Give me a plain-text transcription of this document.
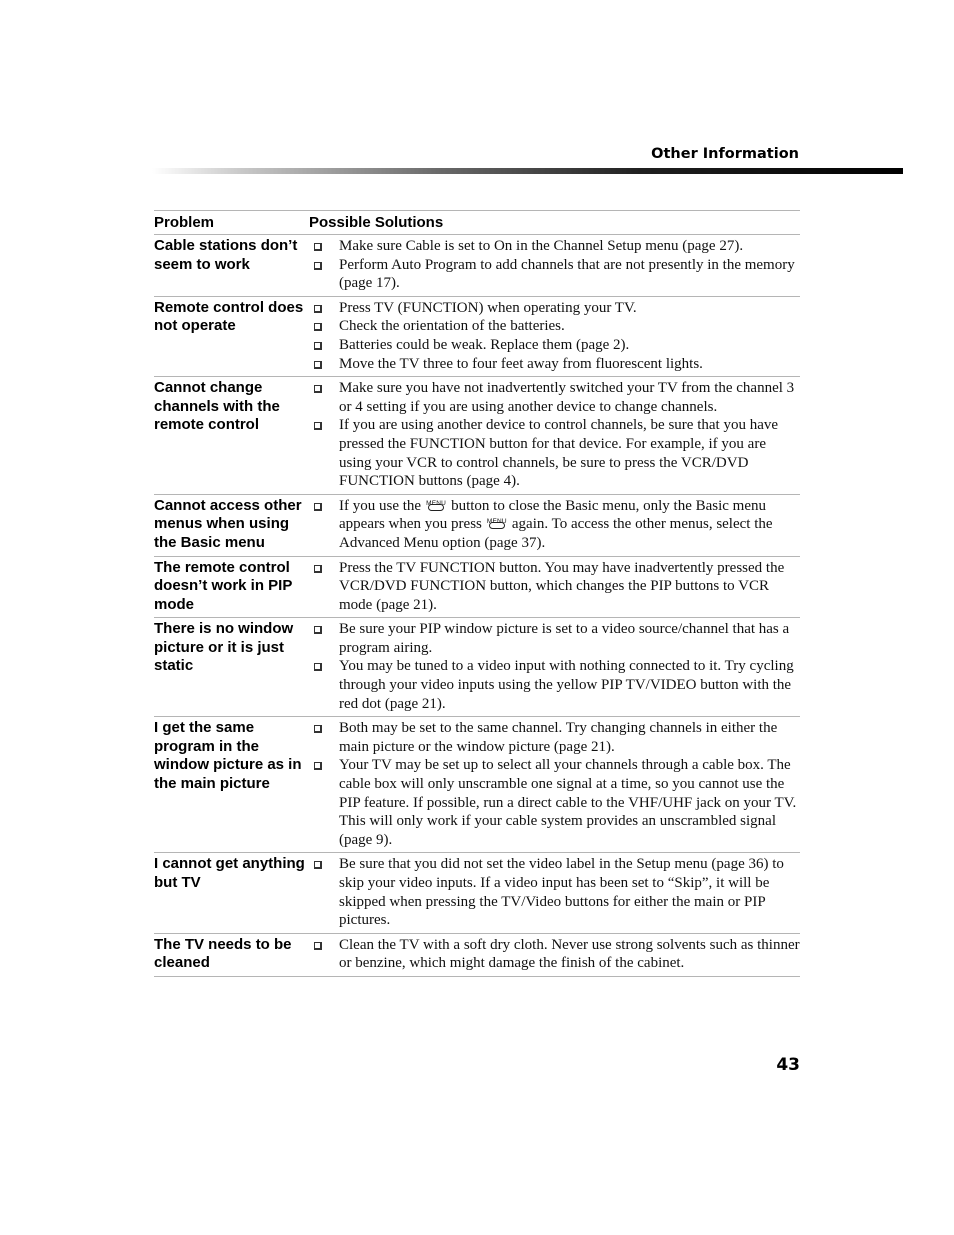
Other Information
Problem	Possible Solutions
Cable stations don’t seem to work
Make sure Cable is set to On in the Channel Setup menu (page 27).
Perform Auto Program to add channels that are not presently in the memory (page 17).
Remote control does not operate
Press TV (FUNCTION) when operating your TV.
Check the orientation of the batteries.
Batteries could be weak. Replace them (page 2).
Move the TV three to four feet away from fluorescent lights.
Cannot change channels with the remote control
Make sure you have not inadvertently switched your TV from the channel 3 or 4 setting if you are using another device to change channels.
If you are using another device to control channels, be sure that you have pressed the FUNCTION button for that device. For example, if you are using your VCR to control channels, be sure to press the VCR/DVD FUNCTION buttons (page 4).
Cannot access other menus when using the Basic menu
If you use the MENU button to close the Basic menu, only the Basic menu appears when you press MENU again. To access the other menus, select the Advanced Menu option (page 37).
The remote control doesn’t work in PIP mode
Press the TV FUNCTION button. You may have inadvertently pressed the VCR/DVD FUNCTION button, which changes the PIP buttons to VCR mode (page 21).
There is no window picture or it is just static
Be sure your PIP window picture is set to a video source/channel that has a program airing.
You may be tuned to a video input with nothing connected to it. Try cycling through your video inputs using the yellow PIP TV/VIDEO button with the red dot (page 21).
I get the same program in the window picture as in the main picture
Both may be set to the same channel. Try changing channels in either the main picture or the window picture (page 21).
Your TV may be set up to select all your channels through a cable box. The cable box will only unscramble one signal at a time, so you cannot use the PIP feature. If possible, run a direct cable to the VHF/UHF jack on your TV. This will only work if your cable system provides an unscrambled signal (page 9).
I cannot get anything but TV
Be sure that you did not set the video label in the Setup menu (page 36) to skip your video inputs. If a video input has been set to “Skip”, it will be skipped when pressing the TV/Video buttons for either the main or PIP pictures.
The TV needs to be cleaned
Clean the TV with a soft dry cloth. Never use strong solvents such as thinner or benzine, which might damage the finish of the cabinet.
43
